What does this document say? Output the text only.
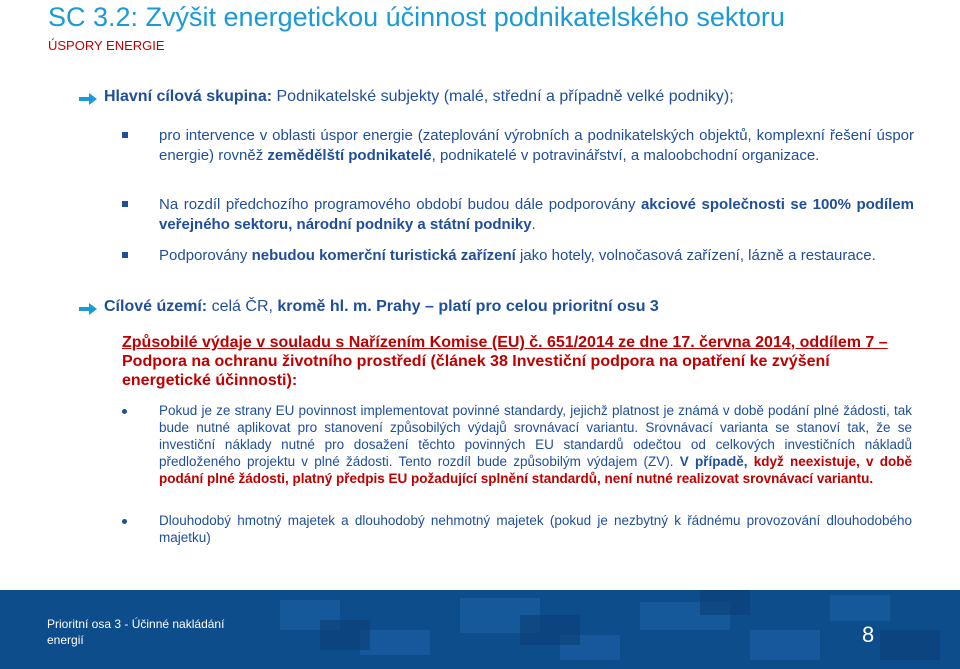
SC 3.2: Zvýšit energetickou účinnost podnikatelského sektoru
ÚSPORY ENERGIE
Hlavní cílová skupina: Podnikatelské subjekty (malé, střední a případně velké podniky);
pro intervence v oblasti úspor energie (zateplování výrobních a podnikatelských objektů, komplexní řešení úspor energie) rovněž zemědělští podnikatelé, podnikatelé v potravinářství, a maloobchodní organizace.
Na rozdíl předchozího programového období budou dále podporovány akciové společnosti se 100% podílem veřejného sektoru, národní podniky a státní podniky.
Podporovány nebudou komerční turistická zařízení jako hotely, volnočasová zařízení, lázně a restaurace.
Cílové území: celá ČR, kromě hl. m. Prahy – platí pro celou prioritní osu 3
Způsobilé výdaje v souladu s Nařízením Komise (EU) č. 651/2014 ze dne 17. června 2014, oddílem 7 – Podpora na ochranu životního prostředí (článek 38 Investiční podpora na opatření ke zvýšení energetické účinnosti):
Pokud je ze strany EU povinnost implementovat povinné standardy, jejichž platnost je známá v době podání plné žádosti, tak bude nutné aplikovat pro stanovení způsobilých výdajů srovnávací variantu. Srovnávací varianta se stanoví tak, že se investiční náklady nutné pro dosažení těchto povinných EU standardů odečtou od celkových investičních nákladů předloženého projektu v plné žádosti. Tento rozdíl bude způsobilým výdajem (ZV). V případě, když neexistuje, v době podání plné žádosti, platný předpis EU požadující splnění standardů, není nutné realizovat srovnávací variantu.
Dlouhodobý hmotný majetek a dlouhodobý nehmotný majetek (pokud je nezbytný k řádnému provozování dlouhodobého majetku)
Prioritní osa 3 - Účinné nakládání energií	8
